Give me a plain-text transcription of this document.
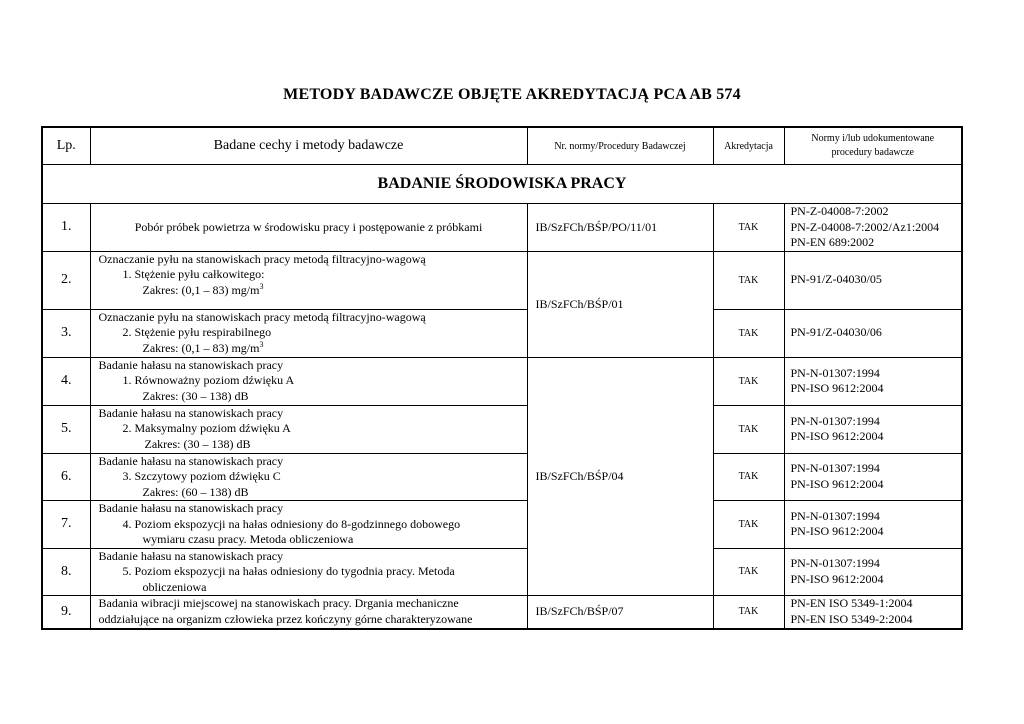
METODY BADAWCZE OBJĘTE AKREDYTACJĄ PCA AB 574
Lp.	Badane cechy i metody badawcze	Nr. normy/Procedury Badawczej	Akredytacja	Normy i/lub udokumentowane
procedury badawcze

BADANIE ŚRODOWISKA PRACY				
1.	Pobór próbek powietrza w środowisku pracy i postępowanie z próbkami	IB/SzFCh/BŚP/PO/11/01	TAK	PN-Z-04008-7:2002
PN-Z-04008-7:2002/Az1:2004
PN-EN 689:2002

2.	Oznaczanie pyłu na stanowiskach pracy metodą filtracyjno-wagową
1. Stężenie pyłu całkowitego:
Zakres: (0,1 – 83) $mg/m^3$	IB/SzFCh/BŚP/01	TAK	PN-91/Z-04030/05

3.	Oznaczanie pyłu na stanowiskach pracy metodą filtracyjno-wagową
2. Stężenie pyłu respirabilnego
Zakres: (0,1 – 83) $mg/m^3$		TAK	PN-91/Z-04030/06

4.	Badanie hałasu na stanowiskach pracy
1. Równoważny poziom dźwięku A
Zakres: (30 – 138) dB	IB/SzFCh/BŚP/04	TAK	PN-N-01307:1994
PN-ISO 9612:2004

5.	Badanie hałasu na stanowiskach pracy
2. Maksymalny poziom dźwięku A
Zakres: (30 – 138) dB		TAK	PN-N-01307:1994
PN-ISO 9612:2004

6.	Badanie hałasu na stanowiskach pracy
3. Szczytowy poziom dźwięku C
Zakres: (60 – 138) dB		TAK	PN-N-01307:1994
PN-ISO 9612:2004

7.	Badanie hałasu na stanowiskach pracy
4. Poziom ekspozycji na hałas odniesiony do 8-godzinnego dobowego
wymiaru czasu pracy. Metoda obliczeniowa		TAK	PN-N-01307:1994
PN-ISO 9612:2004

8.	Badanie hałasu na stanowiskach pracy
5. Poziom ekspozycji na hałas odniesiony do tygodnia pracy. Metoda
obliczeniowa		TAK	PN-N-01307:1994
PN-ISO 9612:2004

9.	Badania wibracji miejscowej na stanowiskach pracy. Drgania mechaniczne
oddziałujące na organizm człowieka przez kończyny górne charakteryzowane	IB/SzFCh/BŚP/07	TAK	PN-EN ISO 5349-1:2004
PN-EN ISO 5349-2:2004
